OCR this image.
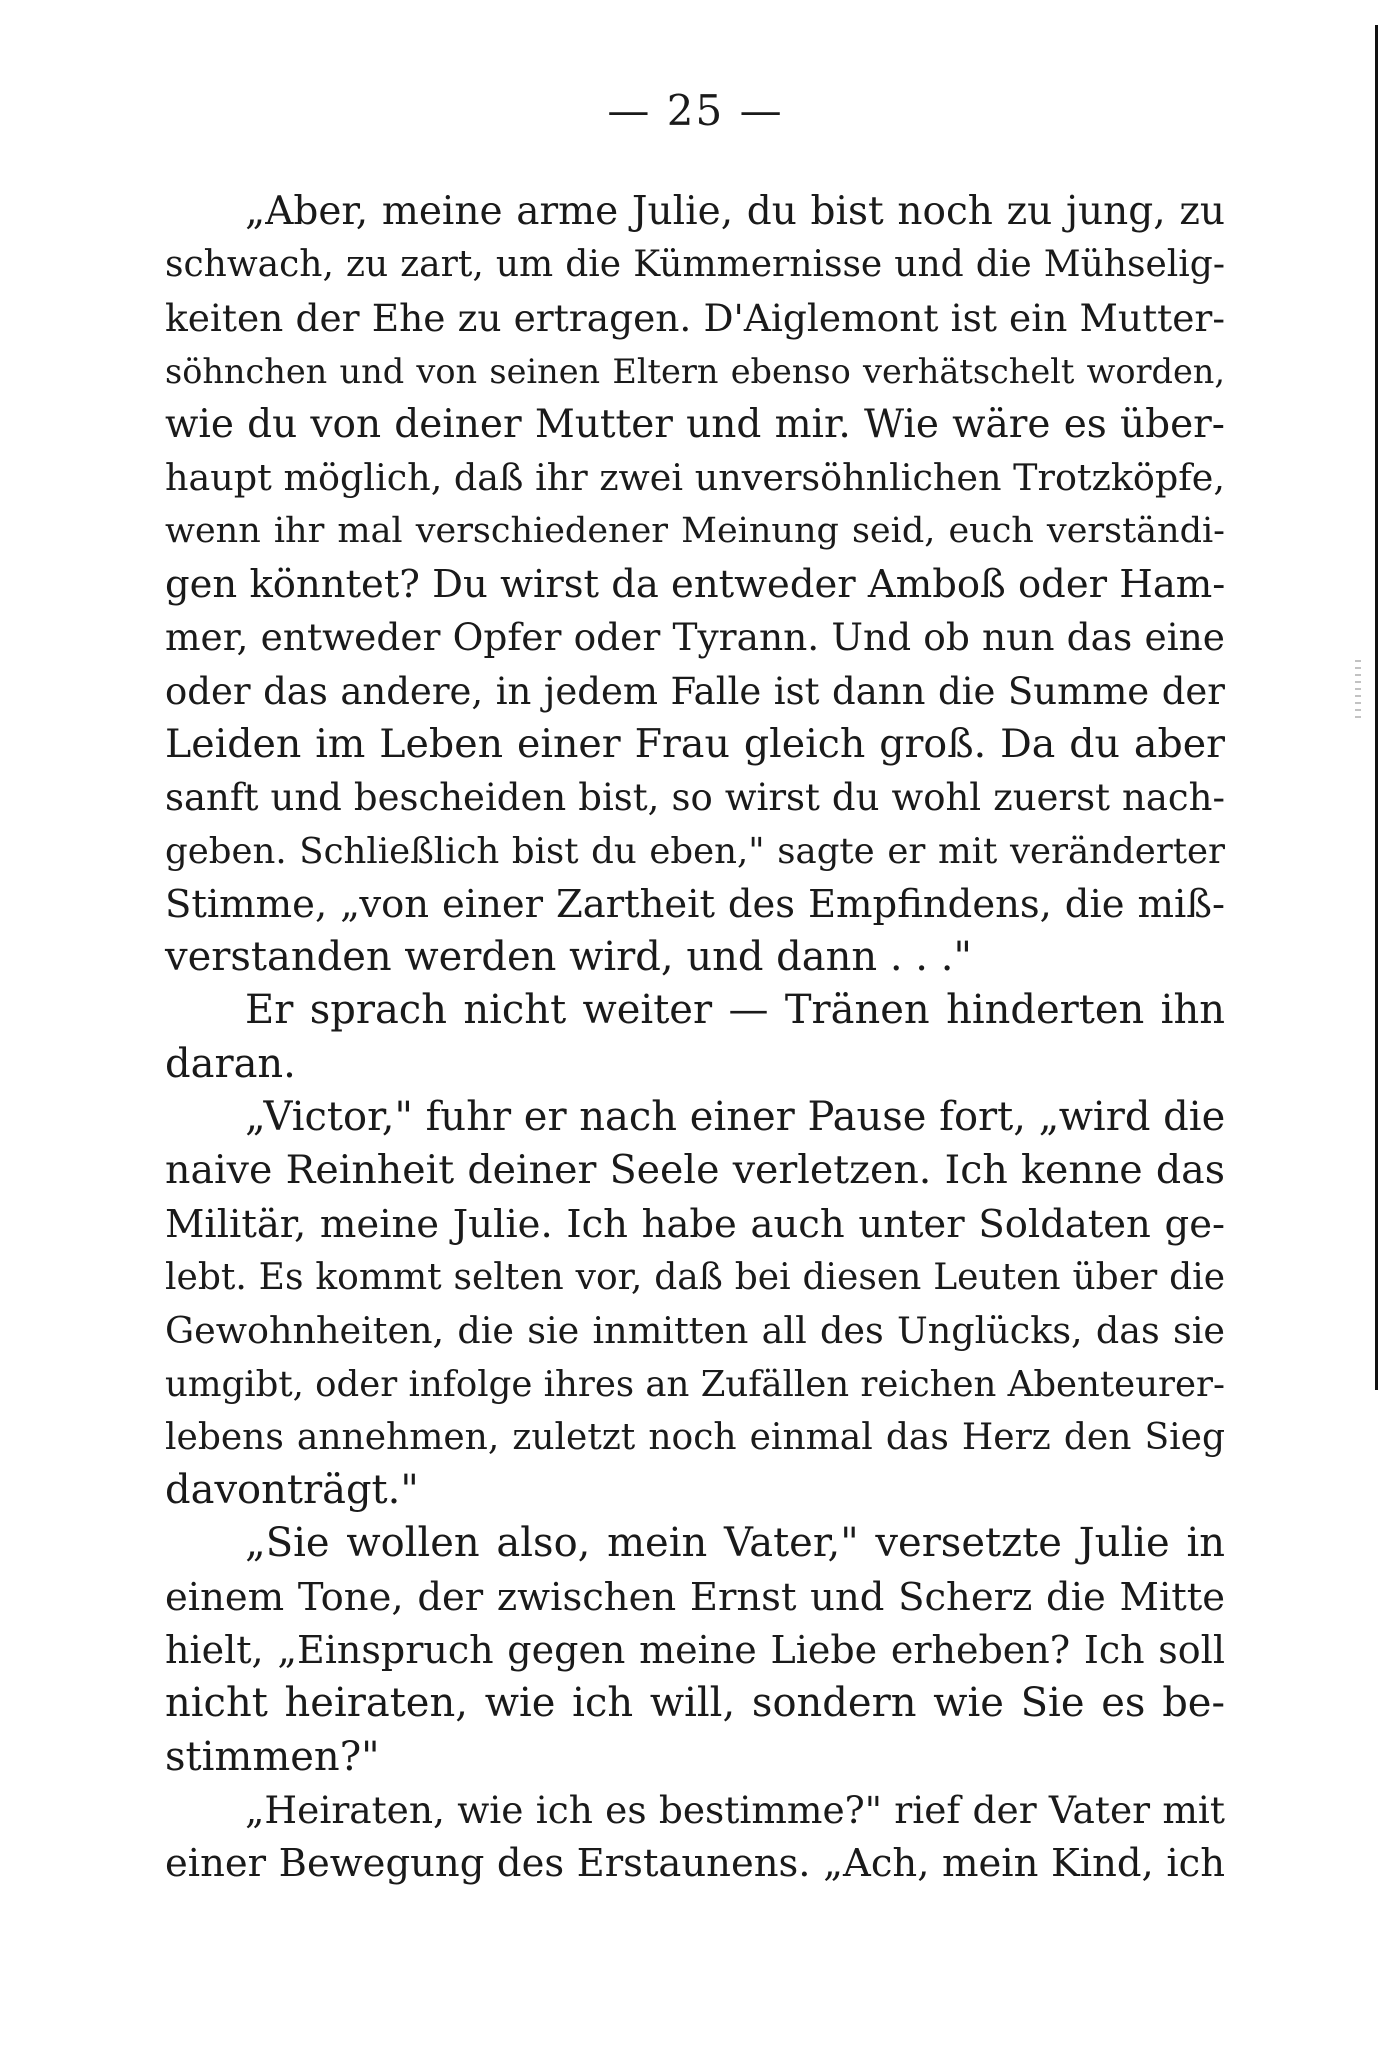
— 25 —
„Aber, meine arme Julie, du bist noch zu jung, zu
schwach, zu zart, um die Kümmernisse und die Mühselig-
keiten der Ehe zu ertragen. D'Aiglemont ist ein Mutter-
söhnchen und von seinen Eltern ebenso verhätschelt worden,
wie du von deiner Mutter und mir. Wie wäre es über-
haupt möglich, daß ihr zwei unversöhnlichen Trotzköpfe,
wenn ihr mal verschiedener Meinung seid, euch verständi-
gen könntet? Du wirst da entweder Amboß oder Ham-
mer, entweder Opfer oder Tyrann. Und ob nun das eine
oder das andere, in jedem Falle ist dann die Summe der
Leiden im Leben einer Frau gleich groß. Da du aber
sanft und bescheiden bist, so wirst du wohl zuerst nach-
geben. Schließlich bist du eben," sagte er mit veränderter
Stimme, „von einer Zartheit des Empfindens, die miß-
verstanden werden wird, und dann . . ."
Er sprach nicht weiter — Tränen hinderten ihn
daran.
„Victor," fuhr er nach einer Pause fort, „wird die
naive Reinheit deiner Seele verletzen. Ich kenne das
Militär, meine Julie. Ich habe auch unter Soldaten ge-
lebt. Es kommt selten vor, daß bei diesen Leuten über die
Gewohnheiten, die sie inmitten all des Unglücks, das sie
umgibt, oder infolge ihres an Zufällen reichen Abenteurer-
lebens annehmen, zuletzt noch einmal das Herz den Sieg
davonträgt."
„Sie wollen also, mein Vater," versetzte Julie in
einem Tone, der zwischen Ernst und Scherz die Mitte
hielt, „Einspruch gegen meine Liebe erheben? Ich soll
nicht heiraten, wie ich will, sondern wie Sie es be-
stimmen?"
„Heiraten, wie ich es bestimme?" rief der Vater mit
einer Bewegung des Erstaunens. „Ach, mein Kind, ich
